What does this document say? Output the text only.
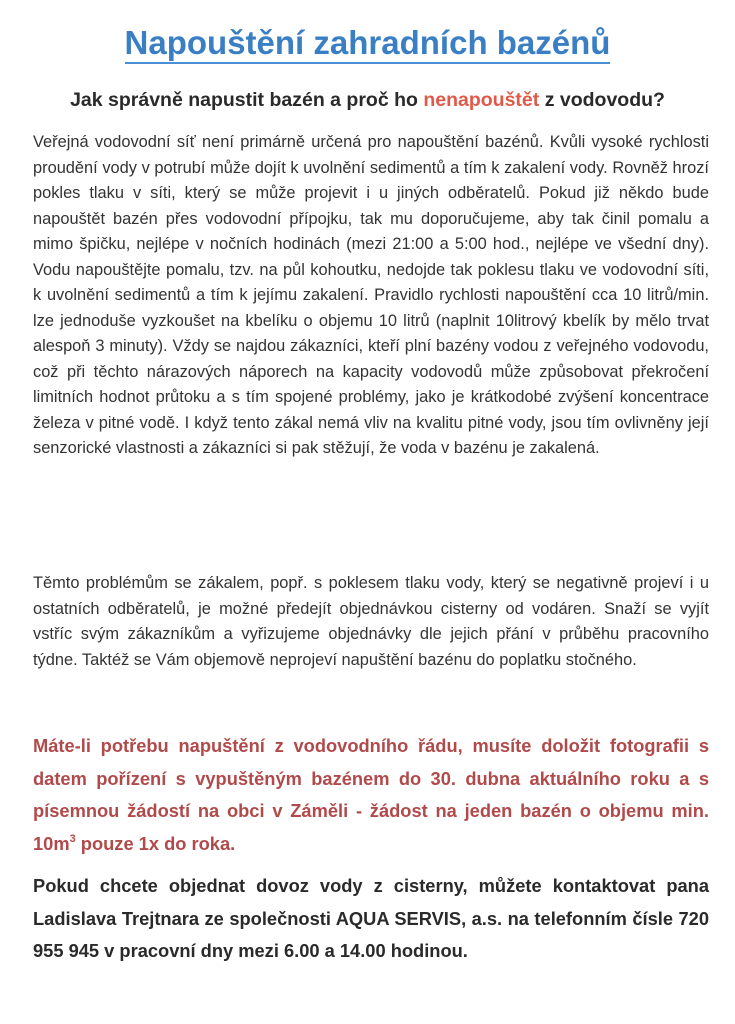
Napouštění zahradních bazénů
Jak správně napustit bazén a proč ho nenapouštět z vodovodu?
Veřejná vodovodní síť není primárně určená pro napouštění bazénů. Kvůli vysoké rychlosti proudění vody v potrubí může dojít k uvolnění sedimentů a tím k zakalení vody. Rovněž hrozí pokles tlaku v síti, který se může projevit i u jiných odběratelů. Pokud již někdo bude napouštět bazén přes vodovodní přípojku, tak mu doporučujeme, aby tak činil pomalu a mimo špičku, nejlépe v nočních hodinách (mezi 21:00 a 5:00 hod., nejlépe ve všední dny). Vodu napouštějte pomalu, tzv. na půl kohoutku, nedojde tak poklesu tlaku ve vodovodní síti, k uvolnění sedimentů a tím k jejímu zakalení. Pravidlo rychlosti napouštění cca 10 litrů/min. lze jednoduše vyzkoušet na kbelíku o objemu 10 litrů (naplnit 10litrový kbelík by mělo trvat alespoň 3 minuty). Vždy se najdou zákazníci, kteří plní bazény vodou z veřejného vodovodu, což při těchto nárazových náporech na kapacity vodovodů může způsobovat překročení limitních hodnot průtoku a s tím spojené problémy, jako je krátkodobé zvýšení koncentrace železa v pitné vodě. I když tento zákal nemá vliv na kvalitu pitné vody, jsou tím ovlivněny její senzorické vlastnosti a zákazníci si pak stěžují, že voda v bazénu je zakalená.
Těmto problémům se zákalem, popř. s poklesem tlaku vody, který se negativně projeví i u ostatních odběratelů, je možné předejít objednávkou cisterny od vodáren. Snaží se vyjít vstříc svým zákazníkům a vyřizujeme objednávky dle jejich přání v průběhu pracovního týdne. Taktéž se Vám objemově neprojeví napuštění bazénu do poplatku stočného.
Máte-li potřebu napuštění z vodovodního řádu, musíte doložit fotografii s datem pořízení s vypuštěným bazénem do 30. dubna aktuálního roku a s písemnou žádostí na obci v Záměli - žádost na jeden bazén o objemu min. $10m^3$ pouze 1x do roka.
Pokud chcete objednat dovoz vody z cisterny, můžete kontaktovat pana Ladislava Trejtnara ze společnosti AQUA SERVIS, a.s. na telefonním čísle 720 955 945 v pracovní dny mezi 6.00 a 14.00 hodinou.
